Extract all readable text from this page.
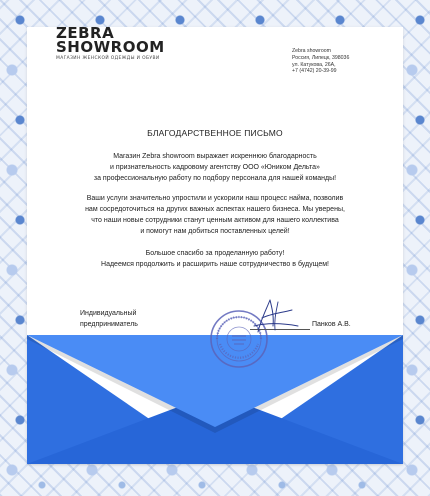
ZEBRA
SHOWROOM
МАГАЗИН ЖЕНСКОЙ ОДЕЖДЫ И ОБУВИ
Zebra showroom
Россия, Липецк, 398036
ул. Катукова, 26А,
+7 (4742) 20-39-99
БЛАГОДАРСТВЕННОЕ ПИСЬМО
Магазин Zebra showroom выражает искреннюю благодарность
и признательность кадровому агентству ООО «Юником Дельта»
за профессиональную работу по подбору персонала для нашей команды!
Ваши услуги значительно упростили и ускорили наш процесс найма, позволив
нам сосредоточиться на других важных аспектах нашего бизнеса. Мы уверены,
что наши новые сотрудники станут ценным активом для нашего коллектива
и помогут нам добиться поставленных целей!
Большое спасибо за проделанную работу!
Надеемся продолжить и расширить наше сотрудничество в будущем!
Индивидуальный
предприниматель	Панков А.В.
